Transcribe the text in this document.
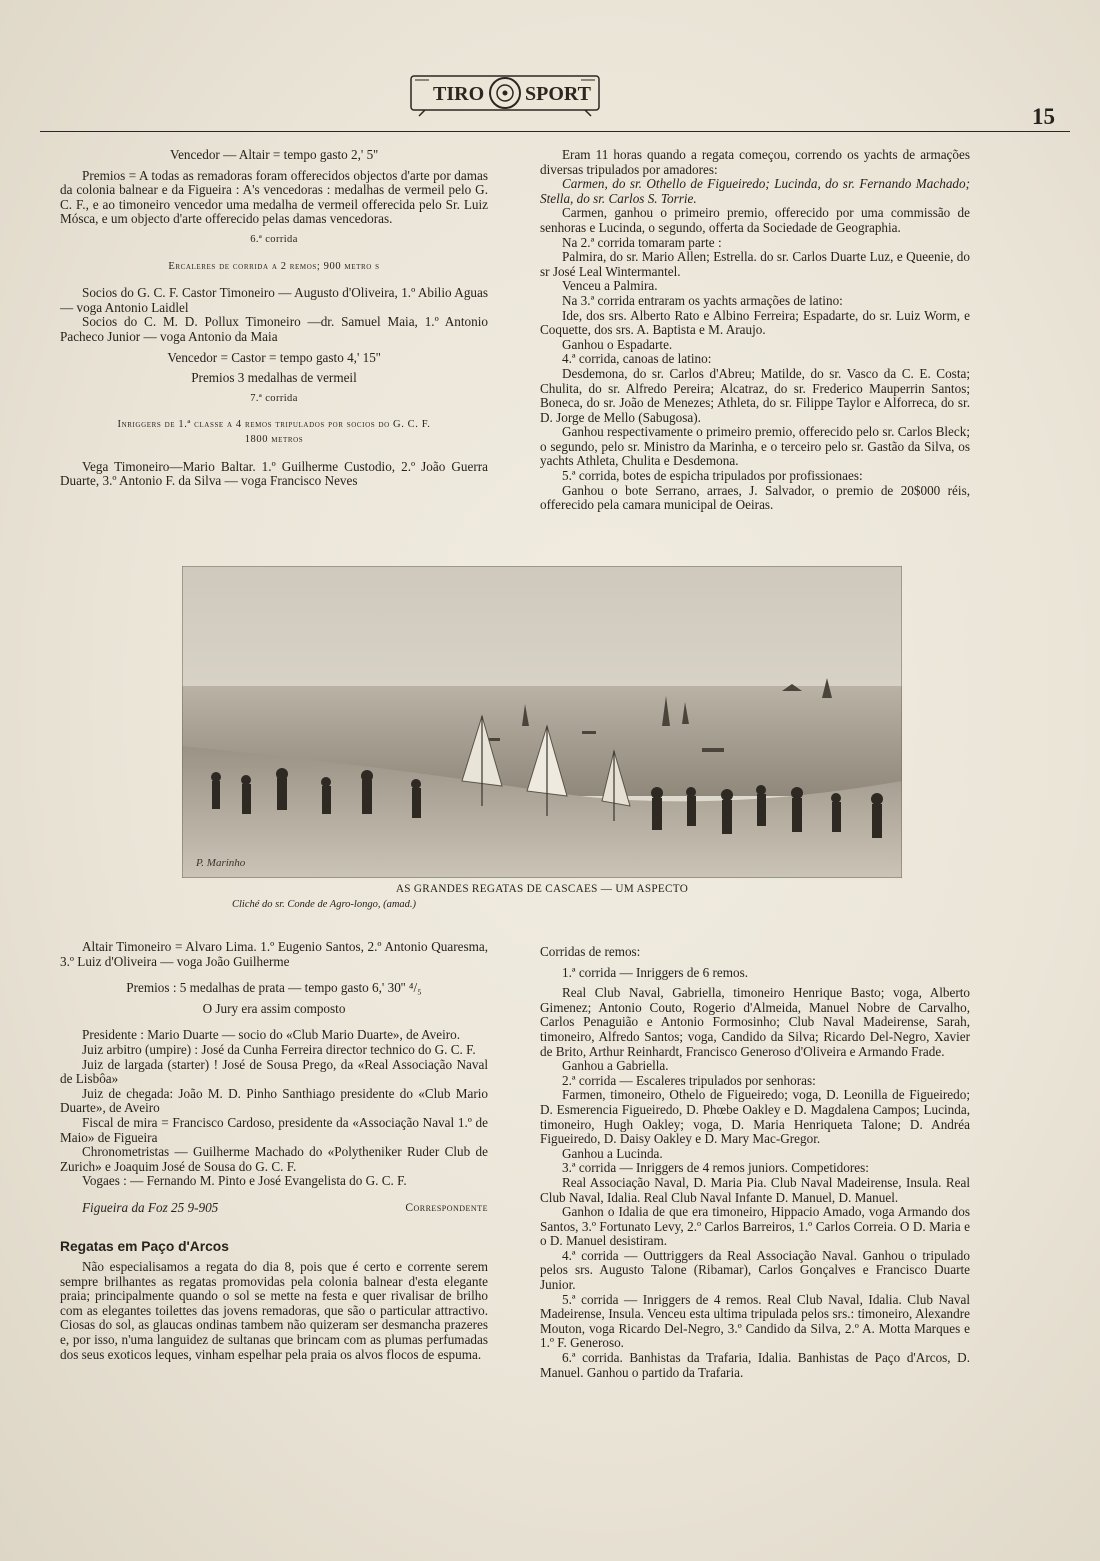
TIRO SPORT
15

Vencedor — Altair = tempo gasto 2,' 5''

Premios = A todas as remadoras foram offerecidos objectos d'arte por damas da colonia balnear e da Figueira : A's vencedoras : medalhas de vermeil pelo G. C. F., e ao timoneiro vencedor uma medalha de vermeil offerecida pelo Sr. Luiz Mósca, e um objecto d'arte offerecido pelas damas vencedoras.

6.ª corrida

Ercaleres de corrida a 2 remos; 900 metro s

Socios do G. C. F. Castor Timoneiro — Augusto d'Oliveira, 1.º Abilio Aguas — voga Antonio Laidlel

Socios do C. M. D. Pollux Timoneiro —dr. Samuel Maia, 1.º Antonio Pacheco Junior — voga Antonio da Maia

Vencedor = Castor = tempo gasto 4,' 15''

Premios 3 medalhas de vermeil

7.ª corrida

Inriggers de 1.ª classe a 4 remos tripulados por socios do G. C. F.

1800 metros

Vega Timoneiro—Mario Baltar. 1.º Guilherme Custodio, 2.º João Guerra Duarte, 3.º Antonio F. da Silva — voga Francisco Neves

Eram 11 horas quando a regata começou, correndo os yachts de armações diversas tripulados por amadores:

Carmen, do sr. Othello de Figueiredo; Lucinda, do sr. Fernando Machado; Stella, do sr. Carlos S. Torrie.

Carmen, ganhou o primeiro premio, offerecido por uma commissão de senhoras e Lucinda, o segundo, offerta da Sociedade de Geographia.

Na 2.ª corrida tomaram parte :

Palmira, do sr. Mario Allen; Estrella. do sr. Carlos Duarte Luz, e Queenie, do sr José Leal Wintermantel.

Venceu a Palmira.

Na 3.ª corrida entraram os yachts armações de latino:

Ide, dos srs. Alberto Rato e Albino Ferreira; Espadarte, do sr. Luiz Worm, e Coquette, dos srs. A. Baptista e M. Araujo.

Ganhou o Espadarte.

4.ª corrida, canoas de latino:

Desdemona, do sr. Carlos d'Abreu; Matilde, do sr. Vasco da C. E. Costa; Chulita, do sr. Alfredo Pereira; Alcatraz, do sr. Frederico Mauperrin Santos; Boneca, do sr. João de Menezes; Athleta, do sr. Filippe Taylor e Alforreca, do sr. D. Jorge de Mello (Sabugosa).

Ganhou respectivamente o primeiro premio, offerecido pelo sr. Carlos Bleck; o segundo, pelo sr. Ministro da Marinha, e o terceiro pelo sr. Gastão da Silva, os yachts Athleta, Chulita e Desdemona.

5.ª corrida, botes de espicha tripulados por profissionaes:

Ganhou o bote Serrano, arraes, J. Salvador, o premio de 20$000 réis, offerecido pela camara municipal de Oeiras.

P. Marinho
AS GRANDES REGATAS DE CASCAES — UM ASPECTO
Cliché do sr. Conde de Agro-longo, (amad.)

Altair Timoneiro = Alvaro Lima. 1.º Eugenio Santos, 2.º Antonio Quaresma, 3.º Luiz d'Oliveira — voga João Guilherme

Premios : 5 medalhas de prata — tempo gasto 6,' 30'' ⁴/₅

O Jury era assim composto

Presidente : Mario Duarte — socio do «Club Mario Duarte», de Aveiro.

Juiz arbitro (umpire) : José da Cunha Ferreira director technico do G. C. F.

Juiz de largada (starter) ! José de Sousa Prego, da «Real Associação Naval de Lisbôa»

Juiz de chegada: João M. D. Pinho Santhiago presidente do «Club Mario Duarte», de Aveiro

Fiscal de mira = Francisco Cardoso, presidente da «Associação Naval 1.º de Maio» de Figueira

Chronometristas — Guilherme Machado do «Polytheniker Ruder Club de Zurich» e Joaquim José de Sousa do G. C. F.

Vogaes : — Fernando M. Pinto e José Evangelista do G. C. F.

Figueira da Foz 25 9-905	Correspondente

Regatas em Paço d'Arcos

Não especialisamos a regata do dia 8, pois que é certo e corrente serem sempre brilhantes as regatas promovidas pela colonia balnear d'esta elegante praia; principalmente quando o sol se mette na festa e quer rivalisar de brilho com as elegantes toilettes das jovens remadoras, que são o particular attractivo. Ciosas do sol, as glaucas ondinas tambem não quizeram ser desmancha prazeres e, por isso, n'uma languidez de sultanas que brincam com as plumas perfumadas dos seus exoticos leques, vinham espelhar pela praia os alvos flocos de espuma.

Corridas de remos:

1.ª corrida — Inriggers de 6 remos.

Real Club Naval, Gabriella, timoneiro Henrique Basto; voga, Alberto Gimenez; Antonio Couto, Rogerio d'Almeida, Manuel Nobre de Carvalho, Carlos Penaguião e Antonio Formosinho; Club Naval Madeirense, Sarah, timoneiro, Alfredo Santos; voga, Candido da Silva; Ricardo Del-Negro, Xavier de Brito, Arthur Reinhardt, Francisco Generoso d'Oliveira e Armando Frade.

Ganhou a Gabriella.

2.ª corrida — Escaleres tripulados por senhoras:

Farmen, timoneiro, Othelo de Figueiredo; voga, D. Leonilla de Figueiredo; D. Esmerencia Figueiredo, D. Phœbe Oakley e D. Magdalena Campos; Lucinda, timoneiro, Hugh Oakley; voga, D. Maria Henriqueta Talone; D. Andréa Figueiredo, D. Daisy Oakley e D. Mary Mac-Gregor.

Ganhou a Lucinda.

3.ª corrida — Inriggers de 4 remos juniors. Competidores:

Real Associação Naval, D. Maria Pia. Club Naval Madeirense, Insula. Real Club Naval, Idalia. Real Club Naval Infante D. Manuel, D. Manuel.

Ganhon o Idalia de que era timoneiro, Hippacio Amado, voga Armando dos Santos, 3.º Fortunato Levy, 2.º Carlos Barreiros, 1.º Carlos Correia. O D. Maria e o D. Manuel desistiram.

4.ª corrida — Outtriggers da Real Associação Naval. Ganhou o tripulado pelos srs. Augusto Talone (Ribamar), Carlos Gonçalves e Francisco Duarte Junior.

5.ª corrida — Inriggers de 4 remos. Real Club Naval, Idalia. Club Naval Madeirense, Insula. Venceu esta ultima tripulada pelos srs.: timoneiro, Alexandre Mouton, voga Ricardo Del-Negro, 3.º Candido da Silva, 2.º A. Motta Marques e 1.º F. Generoso.

6.ª corrida. Banhistas da Trafaria, Idalia. Banhistas de Paço d'Arcos, D. Manuel. Ganhou o partido da Trafaria.
